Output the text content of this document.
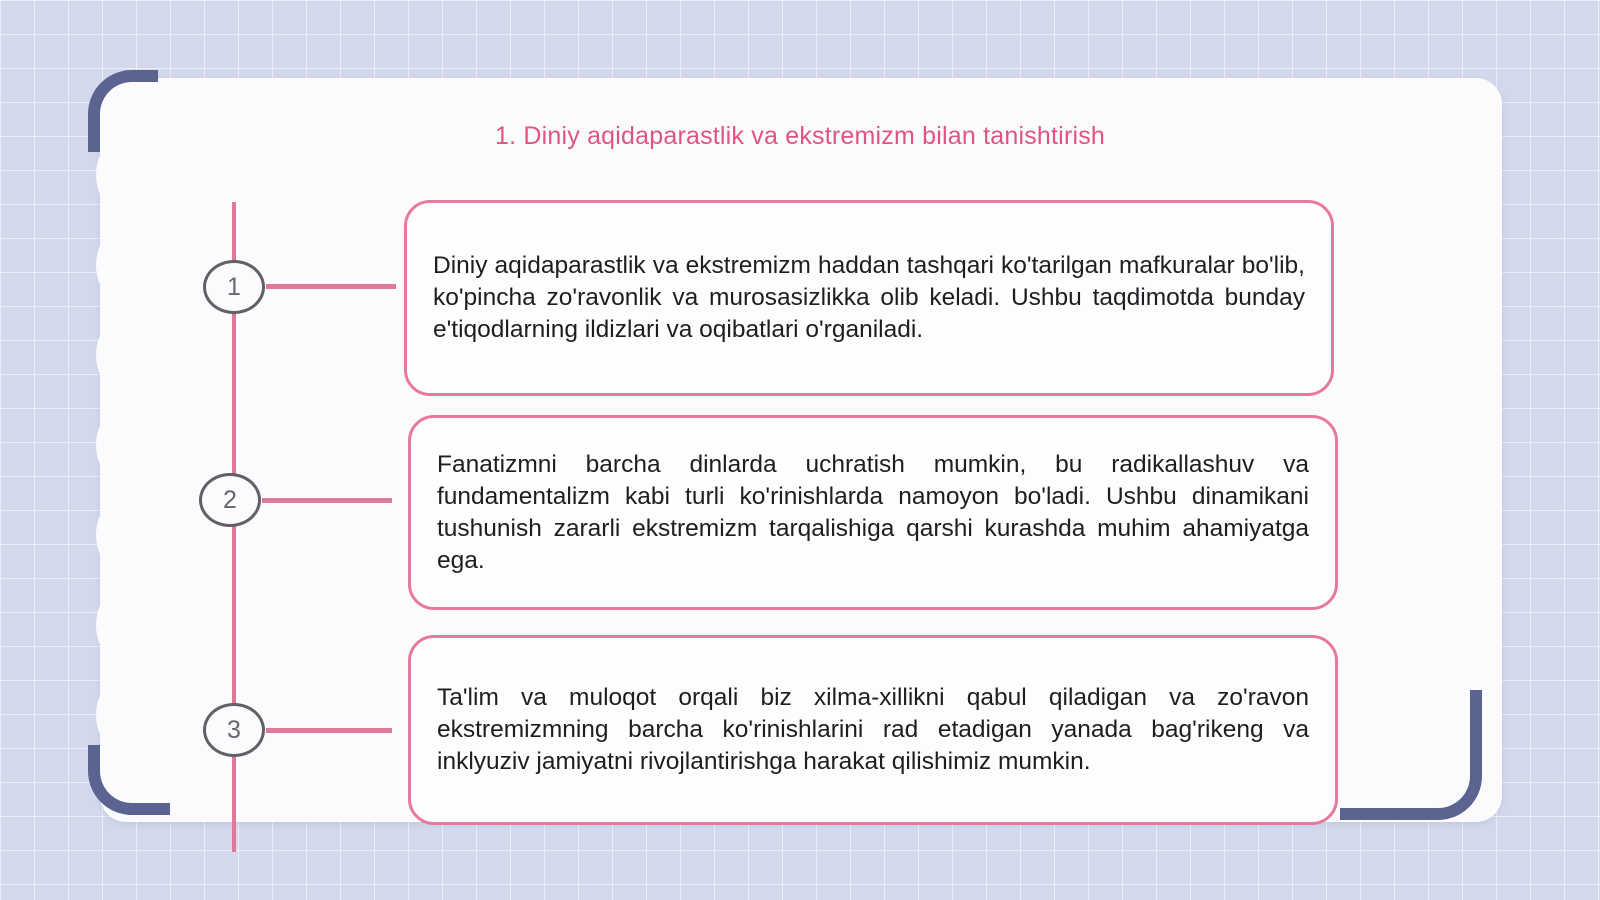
1. Diniy aqidaparastlik va ekstremizm bilan tanishtirish
1

Diniy aqidaparastlik va ekstremizm haddan tashqari ko'tarilgan mafkuralar bo'lib, ko'pincha zo'ravonlik va murosasizlikka olib keladi. Ushbu taqdimotda bunday e'tiqodlarning ildizlari va oqibatlari o'rganiladi.

2

Fanatizmni barcha dinlarda uchratish mumkin, bu radikallashuv va fundamentalizm kabi turli ko'rinishlarda namoyon bo'ladi. Ushbu dinamikani tushunish zararli ekstremizm tarqalishiga qarshi kurashda muhim ahamiyatga ega.

3

Ta'lim va muloqot orqali biz xilma-xillikni qabul qiladigan va zo'ravon ekstremizmning barcha ko'rinishlarini rad etadigan yanada bag'rikeng va inklyuziv jamiyatni rivojlantirishga harakat qilishimiz mumkin.
